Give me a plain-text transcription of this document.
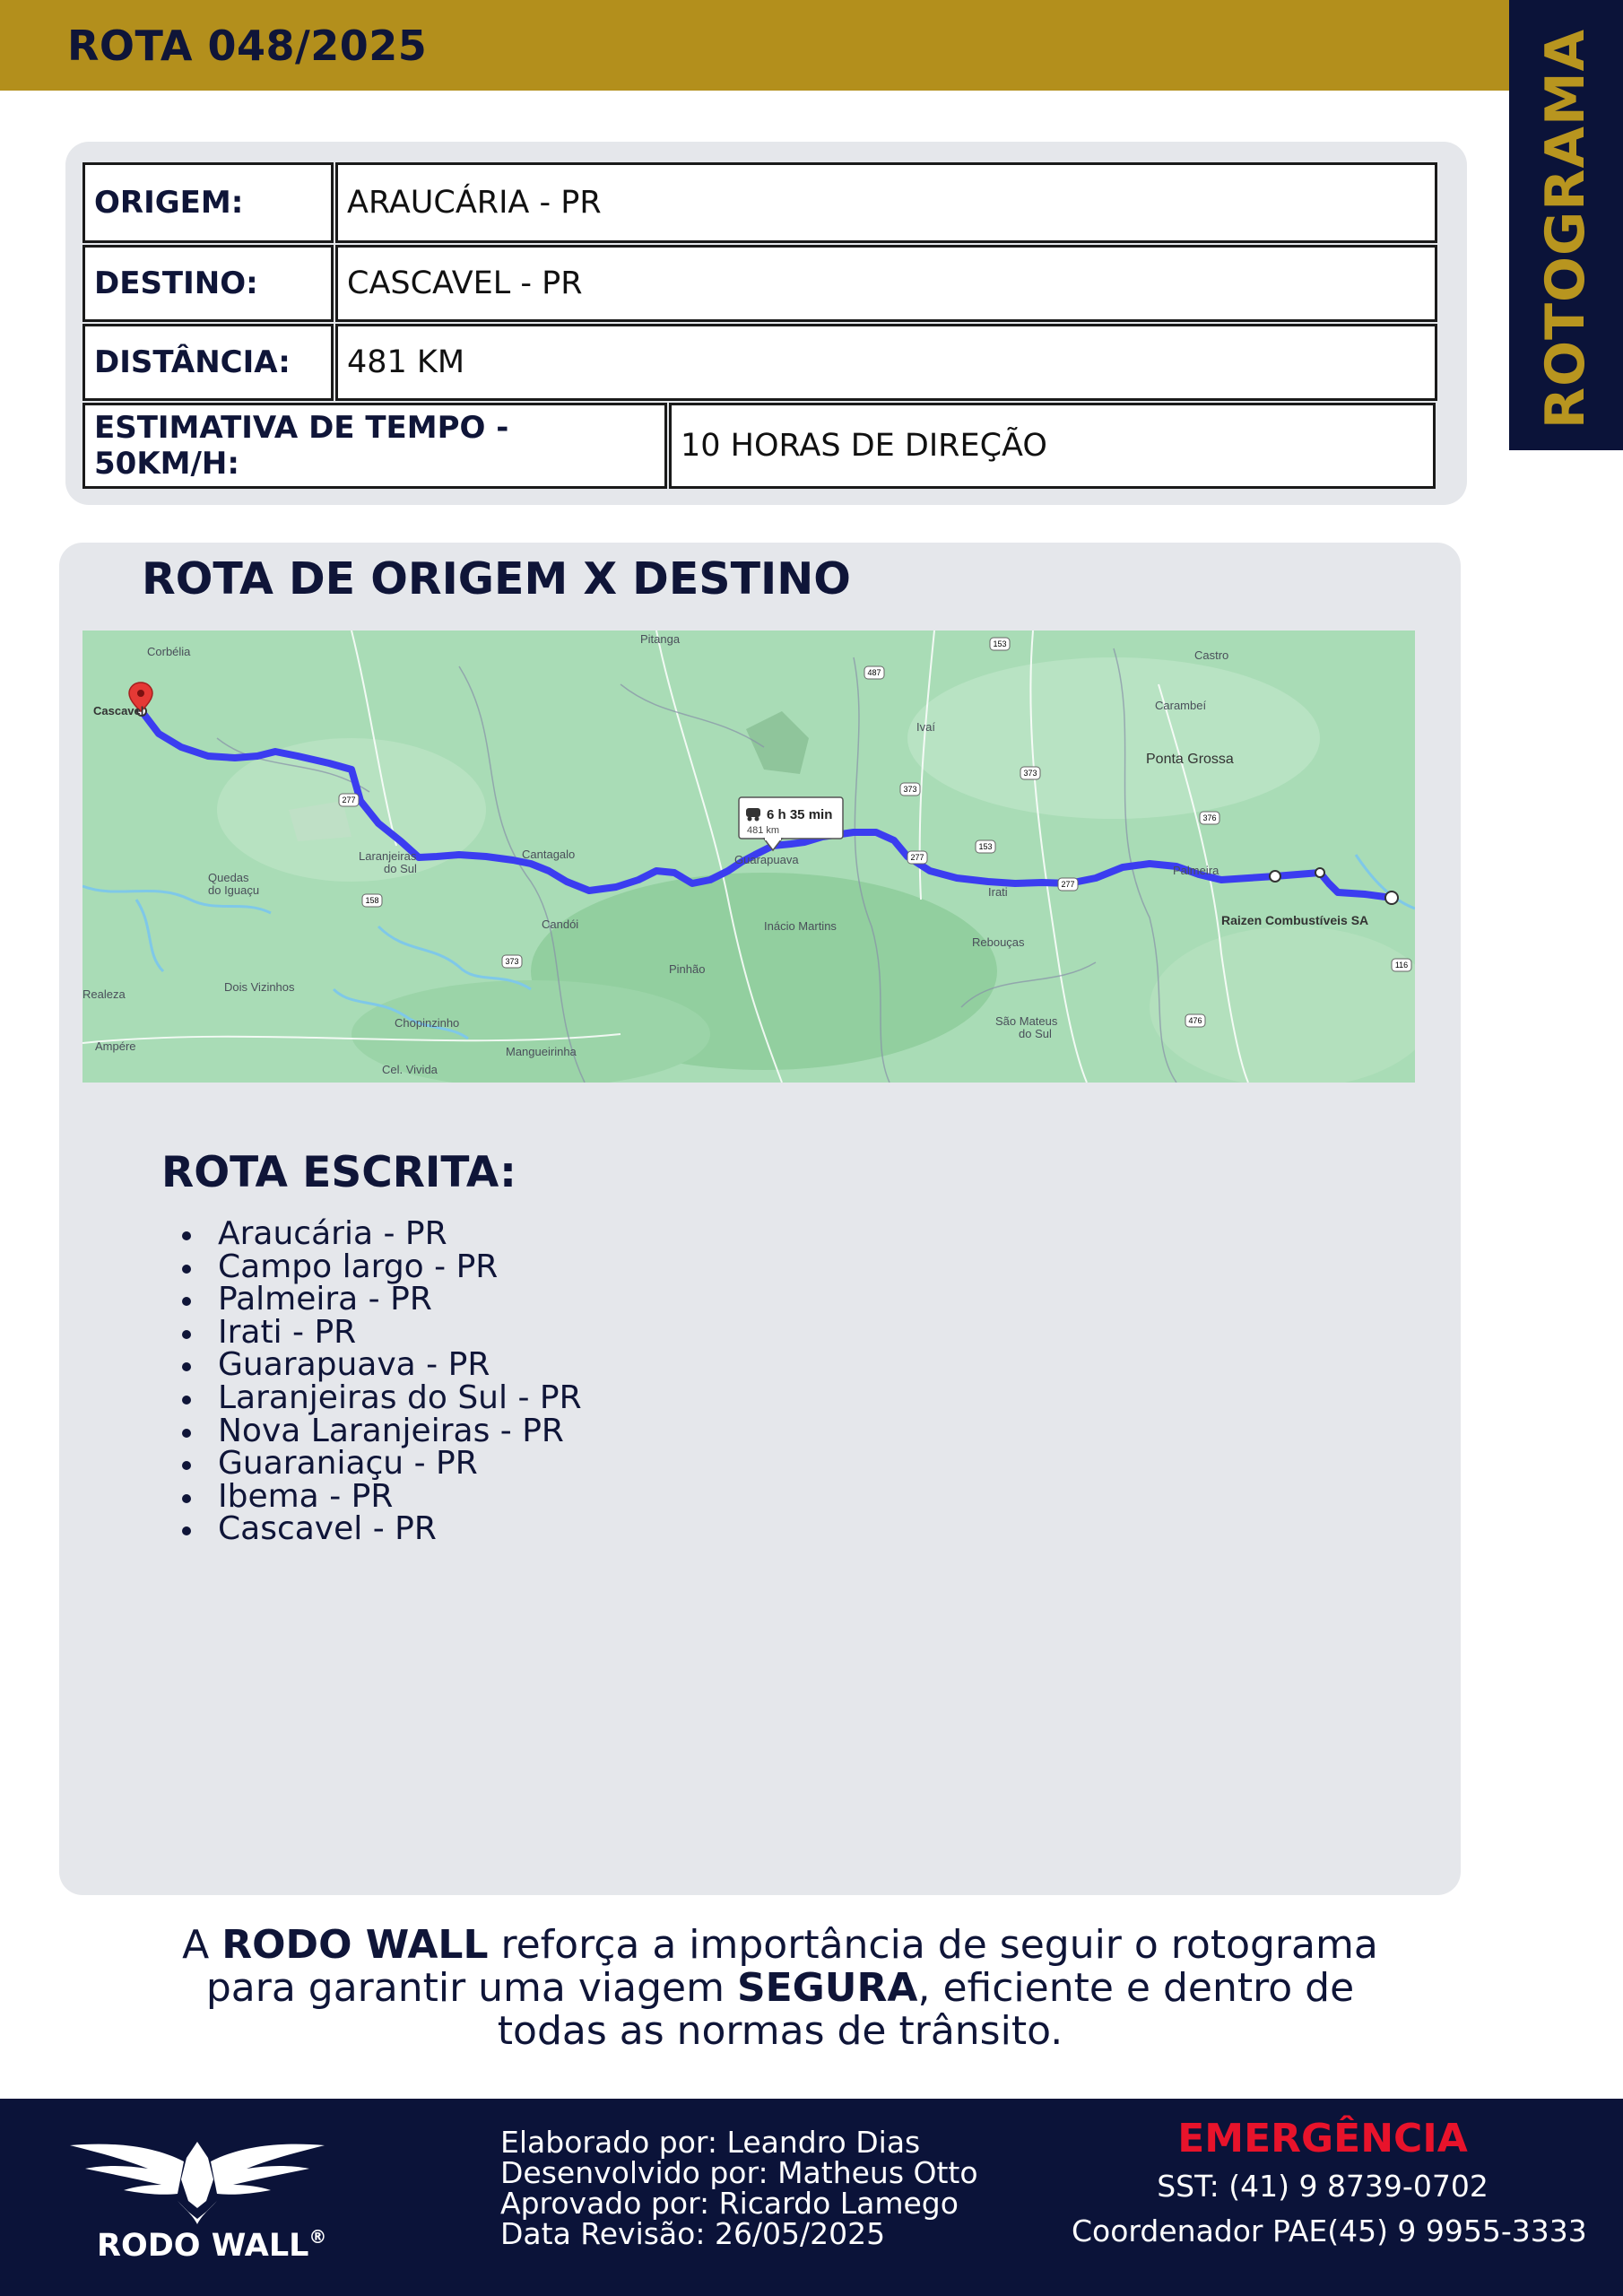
ROTA 048/2025	ROTOGRAMA
ORIGEM:	ARAUCÁRIA - PR
DESTINO:	CASCAVEL - PR
DISTÂNCIA:	481 KM
ESTIMATIVA DE TEMPO - 50KM/H:	10 HORAS DE DIREÇÃO
ROTA DE ORIGEM X DESTINO
6 h 35 min
481 km
153
487
373
373
376
277
153
277
277
158
373
476
116
Corbélia
Cascavel
Pitanga
Castro
Carambeí
Ponta Grossa
Ivaí
Laranjeiras
do Sul
Cantagalo	Guarapuava
Irati
Palmeira
Quedas
do Iguaçu
Candói	Inácio Martins
Rebouças
Raizen Combustíveis SA
Pinhão
Dois Vizinhos
Realeza
Chopinzinho
Mangueirinha
São Mateus
do Sul
Ampére
Cel. Vivida
ROTA ESCRITA:
Araucária - PR
Campo largo - PR
Palmeira - PR
Irati - PR
Guarapuava - PR
Laranjeiras do Sul - PR
Nova Laranjeiras - PR
Guaraniaçu - PR
Ibema - PR
Cascavel - PR
A RODO WALL reforça a importância de seguir o rotograma
para garantir uma viagem SEGURA, eficiente e dentro de
todas as normas de trânsito.
RODO WALL®
Elaborado por: Leandro Dias
Desenvolvido por: Matheus Otto
Aprovado por: Ricardo Lamego
Data Revisão: 26/05/2025
EMERGÊNCIA
SST: (41) 9 8739-0702
Coordenador PAE(45) 9 9955-3333
